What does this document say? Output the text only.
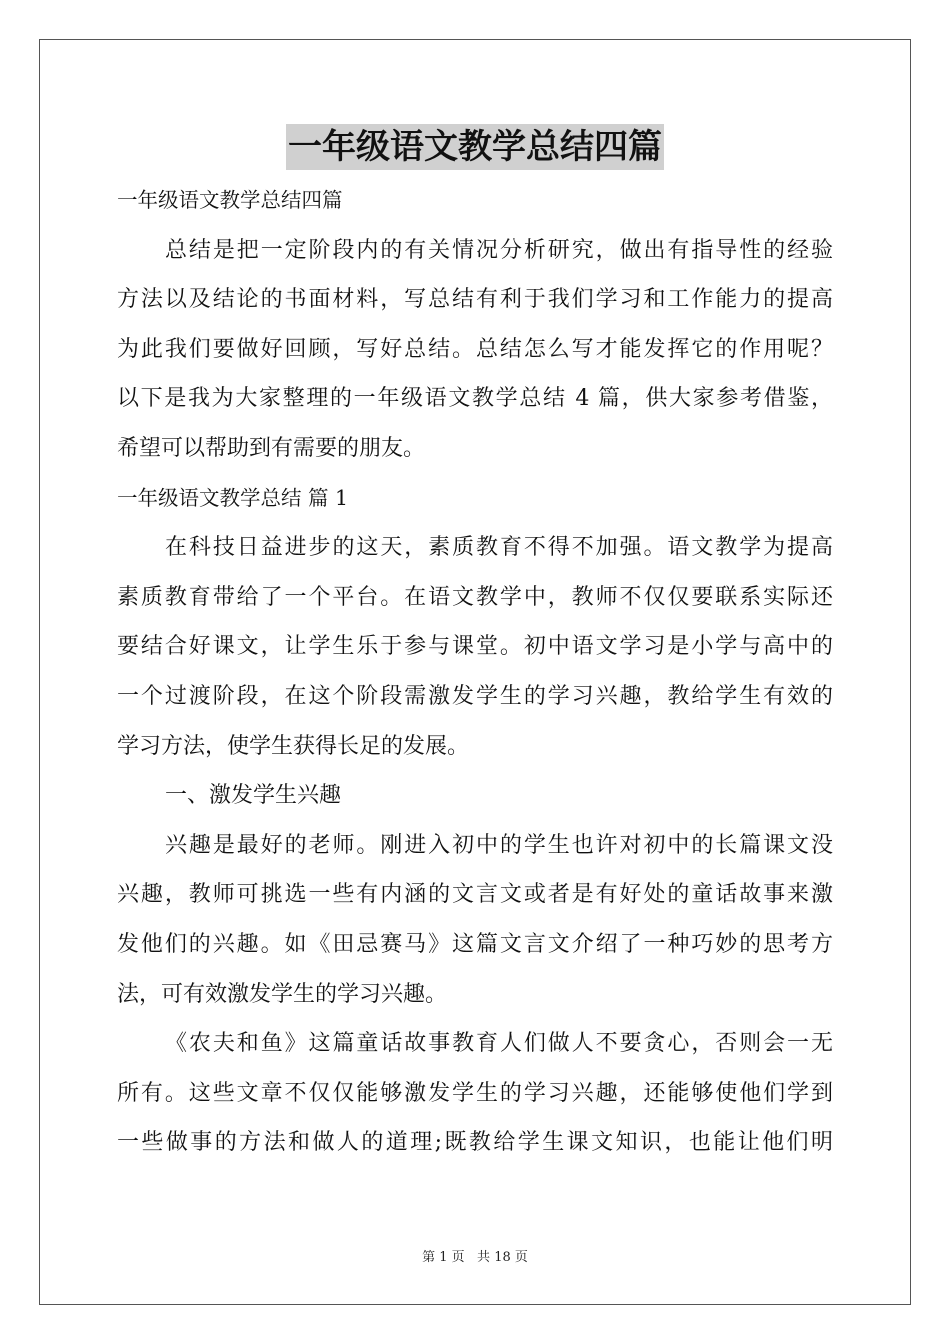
一年级语文教学总结四篇
一年级语文教学总结四篇
总结是把一定阶段内的有关情况分析研究，做出有指导性的经验
方法以及结论的书面材料，写总结有利于我们学习和工作能力的提高
为此我们要做好回顾，写好总结。总结怎么写才能发挥它的作用呢？
以下是我为大家整理的一年级语文教学总结 4 篇，供大家参考借鉴，
希望可以帮助到有需要的朋友。
一年级语文教学总结 篇 1
在科技日益进步的这天，素质教育不得不加强。语文教学为提高
素质教育带给了一个平台。在语文教学中，教师不仅仅要联系实际还
要结合好课文，让学生乐于参与课堂。初中语文学习是小学与高中的
一个过渡阶段，在这个阶段需激发学生的学习兴趣，教给学生有效的
学习方法，使学生获得长足的发展。
一、激发学生兴趣
兴趣是最好的老师。刚进入初中的学生也许对初中的长篇课文没
兴趣，教师可挑选一些有内涵的文言文或者是有好处的童话故事来激
发他们的兴趣。如《田忌赛马》这篇文言文介绍了一种巧妙的思考方
法，可有效激发学生的学习兴趣。
《农夫和鱼》这篇童话故事教育人们做人不要贪心，否则会一无
所有。这些文章不仅仅能够激发学生的学习兴趣，还能够使他们学到
一些做事的方法和做人的道理;既教给学生课文知识，也能让他们明
第 1 页   共 18 页
